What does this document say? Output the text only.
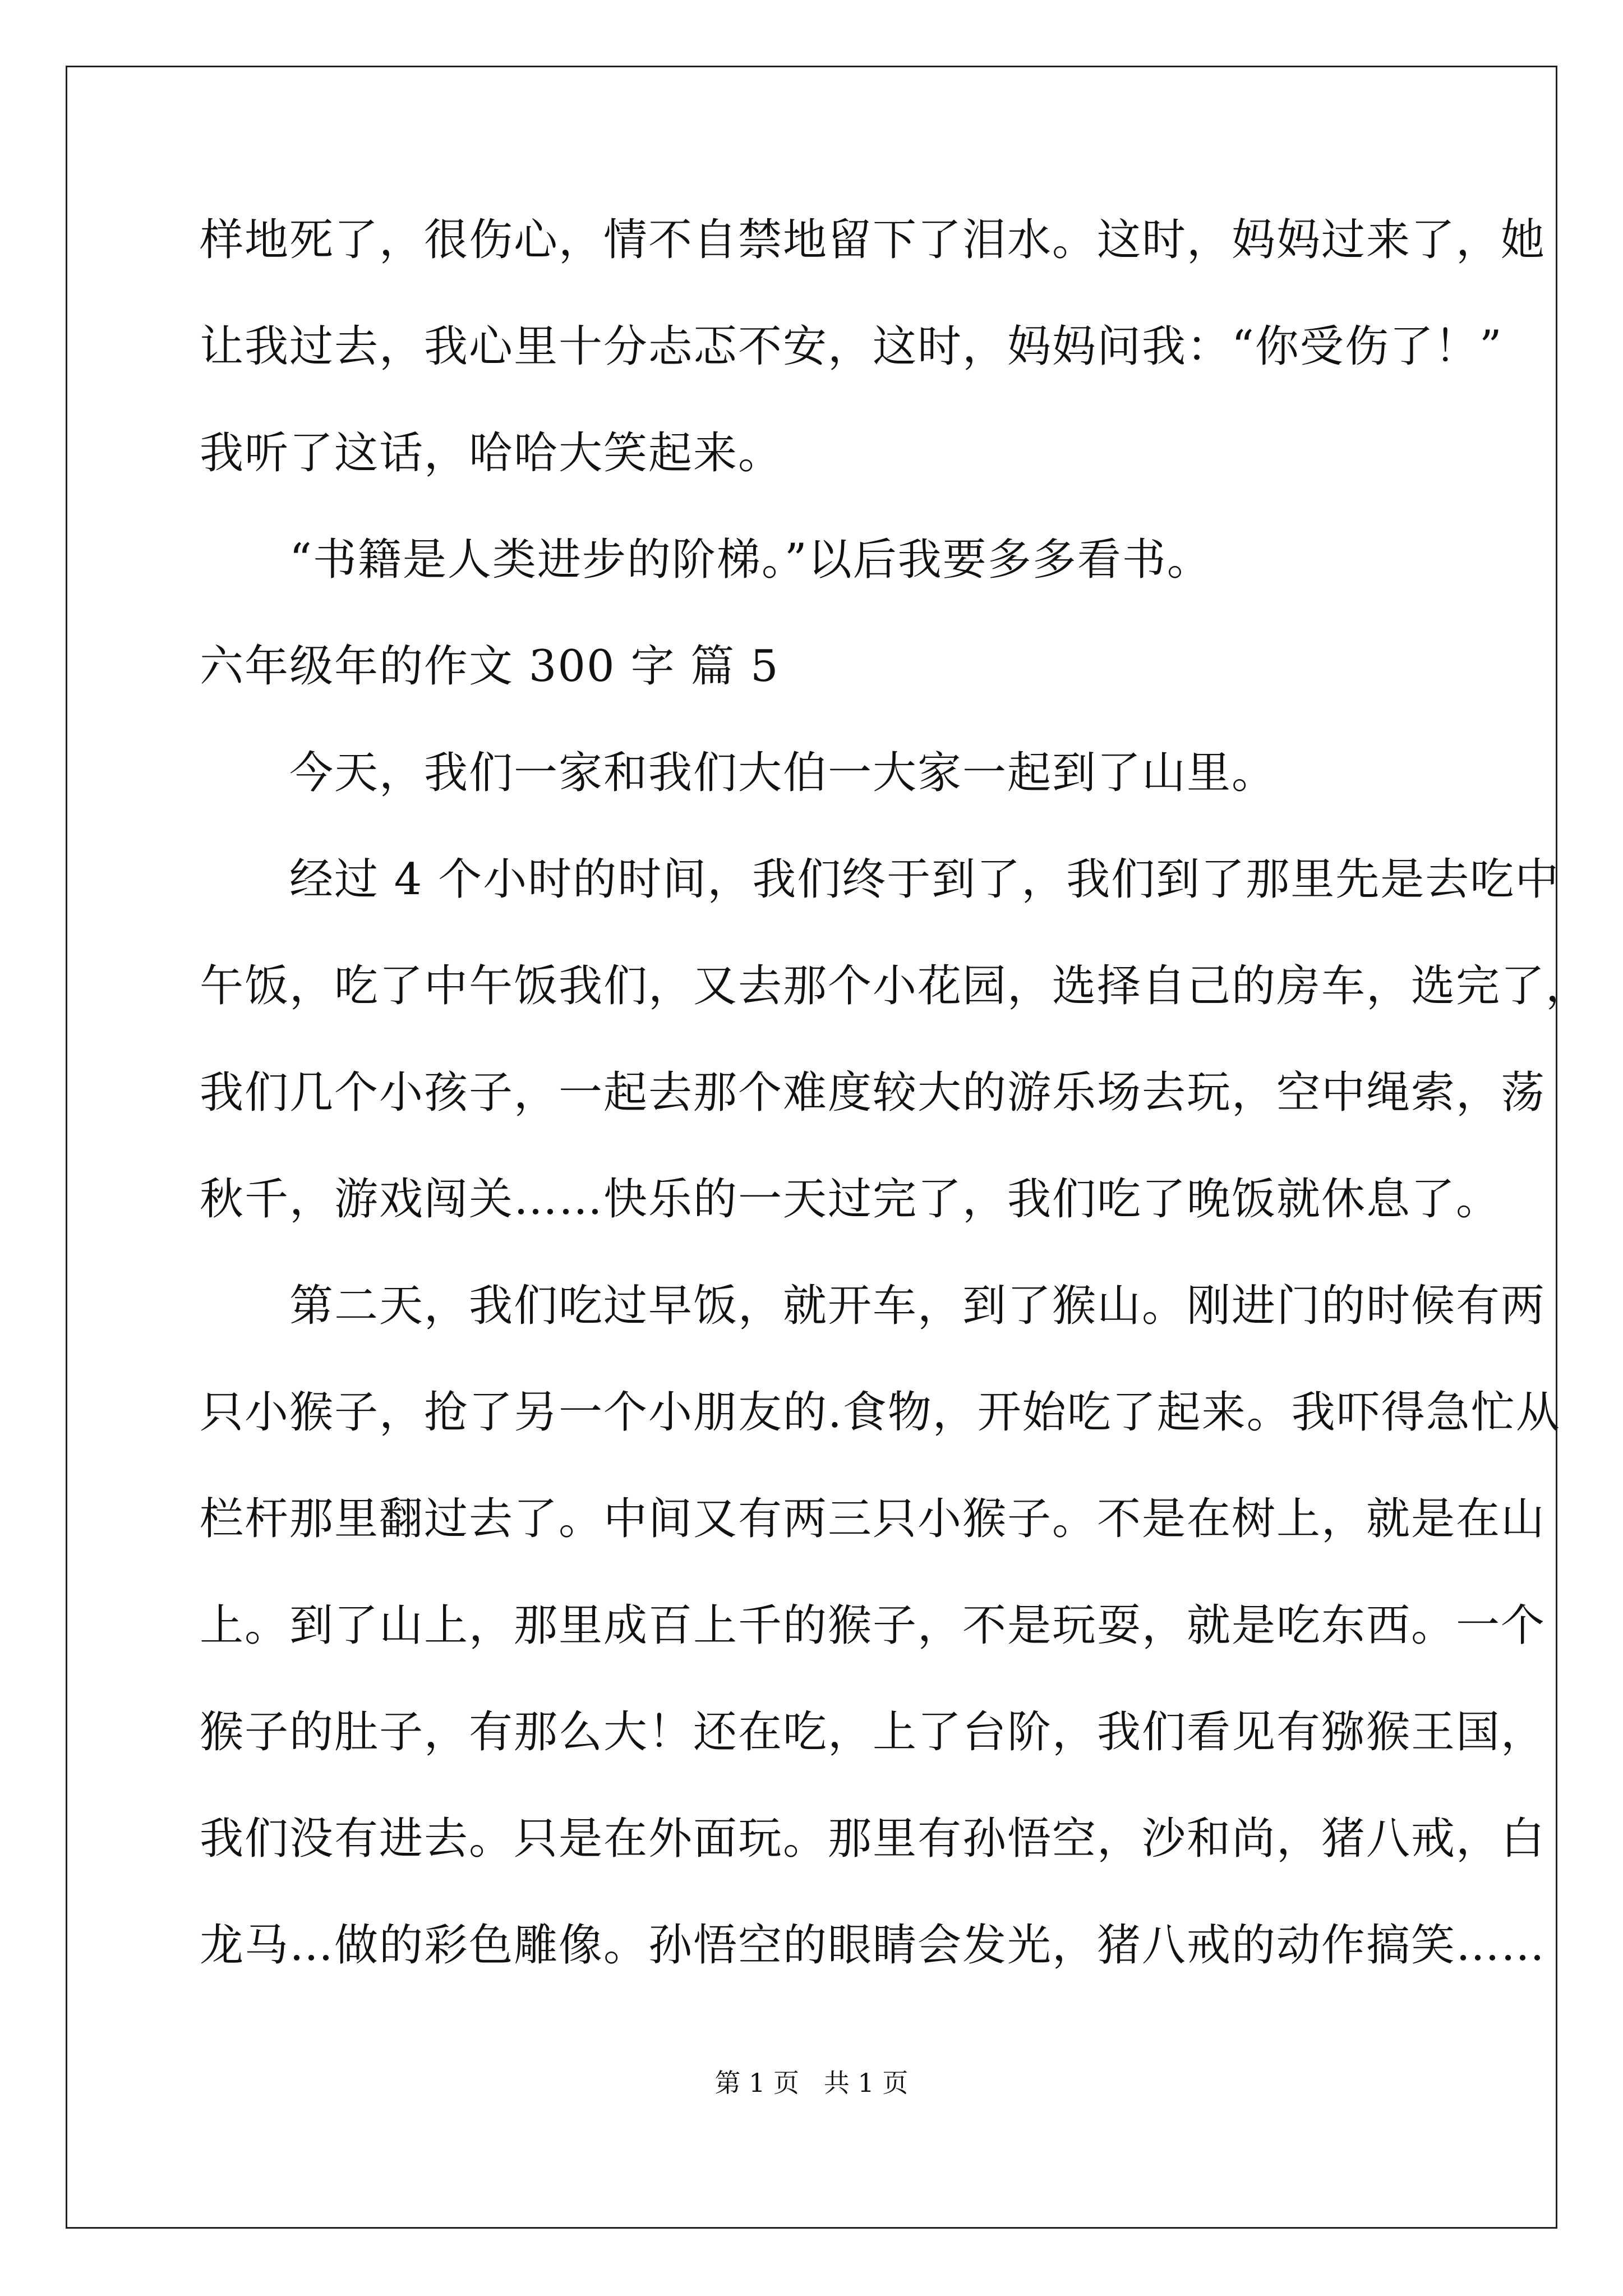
样地死了，很伤心，情不自禁地留下了泪水。这时，妈妈过来了，她
让我过去，我心里十分忐忑不安，这时，妈妈问我：“你受伤了！”
我听了这话，哈哈大笑起来。
　　“书籍是人类进步的阶梯。”以后我要多多看书。
六年级年的作文 300 字 篇 5
　　今天，我们一家和我们大伯一大家一起到了山里。
　　经过 4 个小时的时间，我们终于到了，我们到了那里先是去吃中
午饭，吃了中午饭我们，又去那个小花园，选择自己的房车，选完了，
我们几个小孩子，一起去那个难度较大的游乐场去玩，空中绳索，荡
秋千，游戏闯关……快乐的一天过完了，我们吃了晚饭就休息了。
　　第二天，我们吃过早饭，就开车，到了猴山。刚进门的时候有两
只小猴子，抢了另一个小朋友的.食物，开始吃了起来。我吓得急忙从
栏杆那里翻过去了。中间又有两三只小猴子。不是在树上，就是在山
上。到了山上，那里成百上千的猴子，不是玩耍，就是吃东西。一个
猴子的肚子，有那么大！还在吃，上了台阶，我们看见有猕猴王国，
我们没有进去。只是在外面玩。那里有孙悟空，沙和尚，猪八戒，白
龙马…做的彩色雕像。孙悟空的眼睛会发光，猪八戒的动作搞笑……
第 1 页   共 1 页
